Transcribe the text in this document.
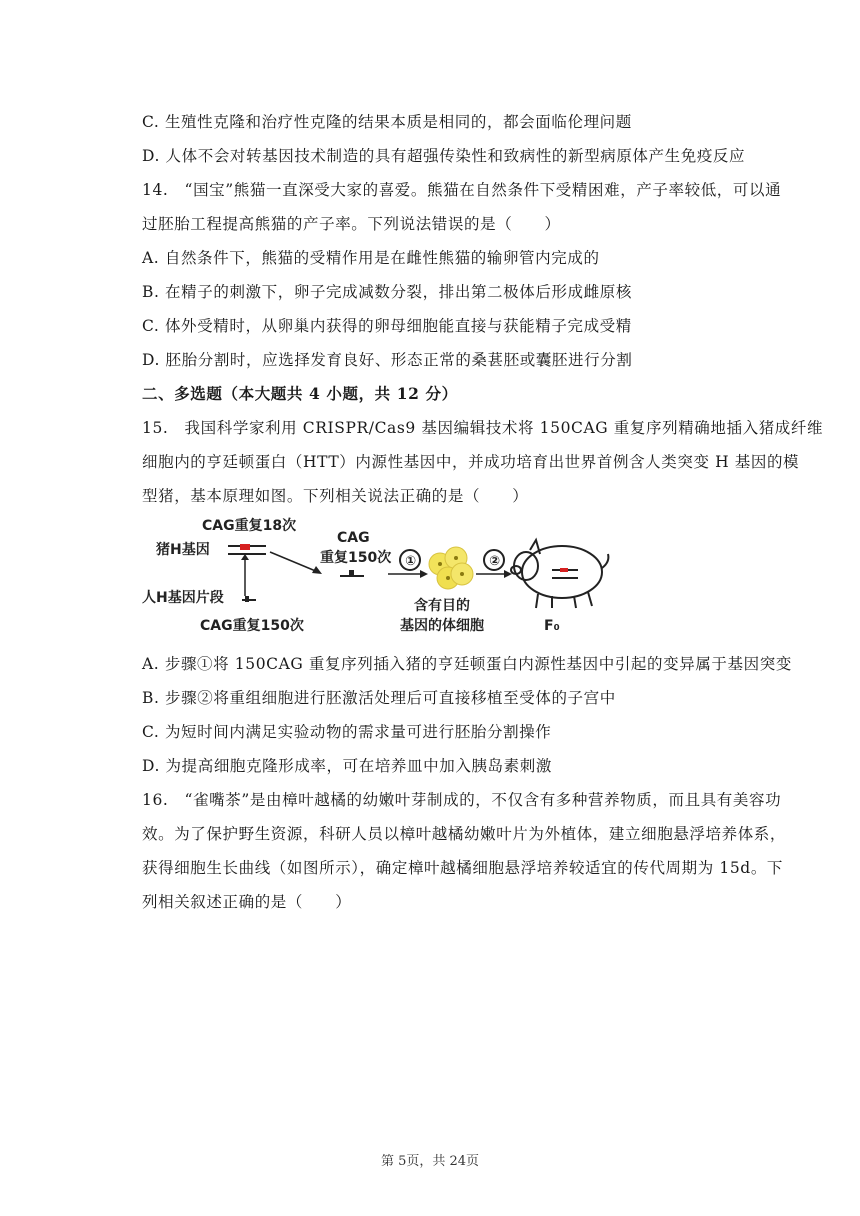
C. 生殖性克隆和治疗性克隆的结果本质是相同的，都会面临伦理问题
D. 人体不会对转基因技术制造的具有超强传染性和致病性的新型病原体产生免疫反应
14.　“国宝”熊猫一直深受大家的喜爱。熊猫在自然条件下受精困难，产子率较低，可以通
过胚胎工程提高熊猫的产子率。下列说法错误的是（　　）
A. 自然条件下，熊猫的受精作用是在雌性熊猫的输卵管内完成的
B. 在精子的刺激下，卵子完成减数分裂，排出第二极体后形成雌原核
C. 体外受精时，从卵巢内获得的卵母细胞能直接与获能精子完成受精
D. 胚胎分割时，应选择发育良好、形态正常的桑葚胚或囊胚进行分割
二、多选题（本大题共 4 小题，共 12 分）
15.　我国科学家利用 CRISPR/Cas9 基因编辑技术将 150CAG 重复序列精确地插入猪成纤维
细胞内的亨廷顿蛋白（HTT）内源性基因中，并成功培育出世界首例含人类突变 H 基因的模
型猪，基本原理如图。下列相关说法正确的是（　　）
CAG重复18次
猪H基因
人H基因片段
CAG重复150次
CAG
重复150次 ①
含有目的
基因的体细胞
②
F₀
A. 步骤①将 150CAG 重复序列插入猪的亨廷顿蛋白内源性基因中引起的变异属于基因突变
B. 步骤②将重组细胞进行胚激活处理后可直接移植至受体的子宫中
C. 为短时间内满足实验动物的需求量可进行胚胎分割操作
D. 为提高细胞克隆形成率，可在培养皿中加入胰岛素刺激
16.　“雀嘴茶”是由樟叶越橘的幼嫩叶芽制成的，不仅含有多种营养物质，而且具有美容功
效。为了保护野生资源，科研人员以樟叶越橘幼嫩叶片为外植体，建立细胞悬浮培养体系，
获得细胞生长曲线（如图所示），确定樟叶越橘细胞悬浮培养较适宜的传代周期为 15d。下
列相关叙述正确的是（　　）
第 5页，共 24页
